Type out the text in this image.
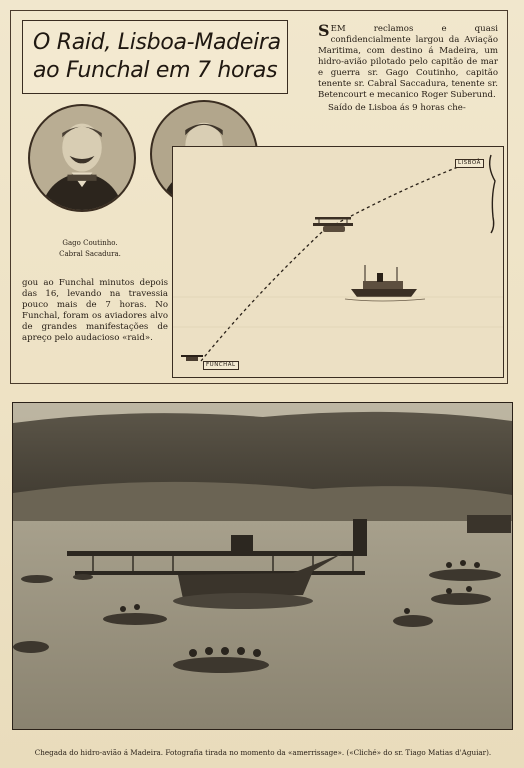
O Raid, Lisboa-Madeira
ao Funchal em 7 horas
Gago Coutinho.
Cabral Sacadura.
SEM reclamos e quasi confidencialmente largou da Aviação Maritima, com destino á Madeira, um hidro-avião pilotado pelo capitão de mar e guerra sr. Gago Coutinho, capitão tenente sr. Cabral Saccadura, tenente sr. Betencourt e mecanico Roger Suberund.
Saído de Lisboa ás 9 horas che-
gou ao Funchal minutos depois das 16, levando na travessia pouco mais de 7 horas. No Funchal, foram os aviadores alvo de grandes manifestações de apreço pelo audacioso «raid».
LISBOA
FUNCHAL
Chegada do hidro-avião á Madeira. Fotografia tirada no momento da «amerrissage». («Cliché» do sr. Tiago Matias d'Aguiar).
